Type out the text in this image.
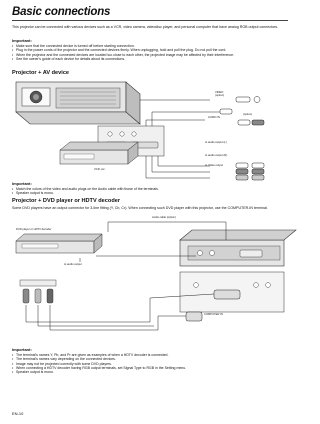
Basic connections
This projector can be connected with various devices such as a VCR, video camera, videodisc player, and personal computer that have analog RGB output connectors.
Important:
• Make sure that the connected device is turned off before starting connection.
• Plug in the power cords of the projector and the connected devices firmly. When unplugging, hold and pull the plug. Do not pull the cord.
• When the projector and the connected devices are located too close to each other, the projected image may be affected by their interference.
• See the owner's guide of each device for details about its connections.
Projector + AV device
VIDEO
(option)
AUDIO IN
(option)
to audio output (L)
to audio output (R)
to Video output
VCR, etc.
Important:
• Match the colors of the video and audio plugs on the Audio cable with those of the terminals.
• Speaker output is mono.
Projector + DVD player or HDTV decoder
Some DVD players have an output connector for 3-line fitting (Y, Cb, Cr). When connecting such DVD player with this projector, use the COMPUTER-IN terminal.
DVD player or HDTV decoder
Audio cable (option)
to audio output
COMPUTER IN
Important:
• The terminal's names Y, Pb, and Pr are given as examples of when a HDTV decoder is connected.
• The terminal's names vary depending on the connected devices.
• Image may not be projected correctly with some DVD players.
• When connecting a HDTV decoder having RGB output terminals, set Signal Type to RGB in the Setting menu.
• Speaker output is mono.
EN-10
